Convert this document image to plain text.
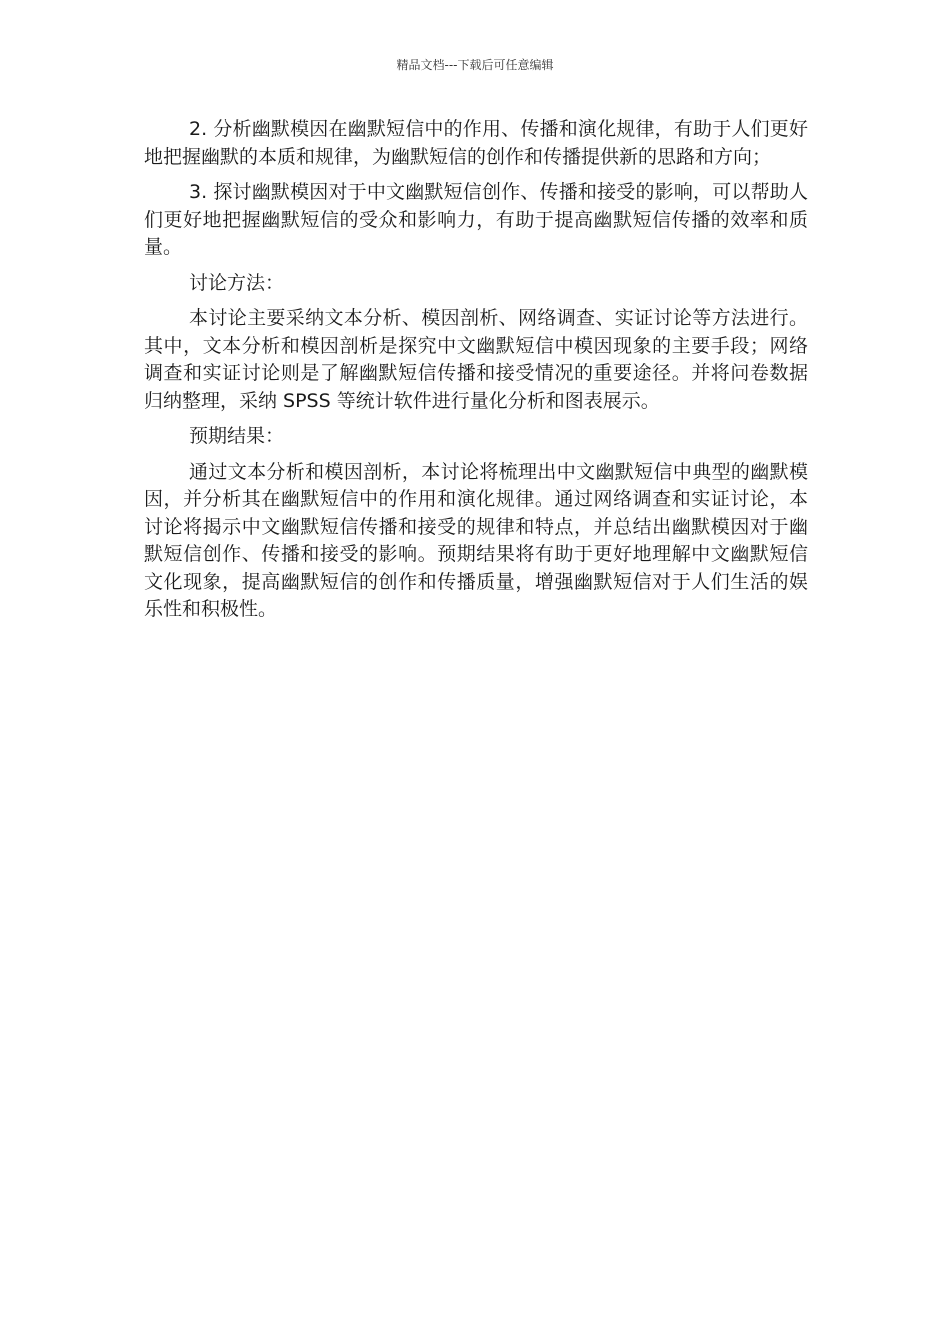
精品文档---下载后可任意编辑

2. 分析幽默模因在幽默短信中的作用、传播和演化规律，有助于人们更好地把握幽默的本质和规律，为幽默短信的创作和传播提供新的思路和方向；

3. 探讨幽默模因对于中文幽默短信创作、传播和接受的影响，可以帮助人们更好地把握幽默短信的受众和影响力，有助于提高幽默短信传播的效率和质量。

讨论方法：

本讨论主要采纳文本分析、模因剖析、网络调查、实证讨论等方法进行。其中，文本分析和模因剖析是探究中文幽默短信中模因现象的主要手段；网络调查和实证讨论则是了解幽默短信传播和接受情况的重要途径。并将问卷数据归纳整理，采纳 SPSS 等统计软件进行量化分析和图表展示。

预期结果：

通过文本分析和模因剖析，本讨论将梳理出中文幽默短信中典型的幽默模因，并分析其在幽默短信中的作用和演化规律。通过网络调查和实证讨论，本讨论将揭示中文幽默短信传播和接受的规律和特点，并总结出幽默模因对于幽默短信创作、传播和接受的影响。预期结果将有助于更好地理解中文幽默短信文化现象，提高幽默短信的创作和传播质量，增强幽默短信对于人们生活的娱乐性和积极性。
